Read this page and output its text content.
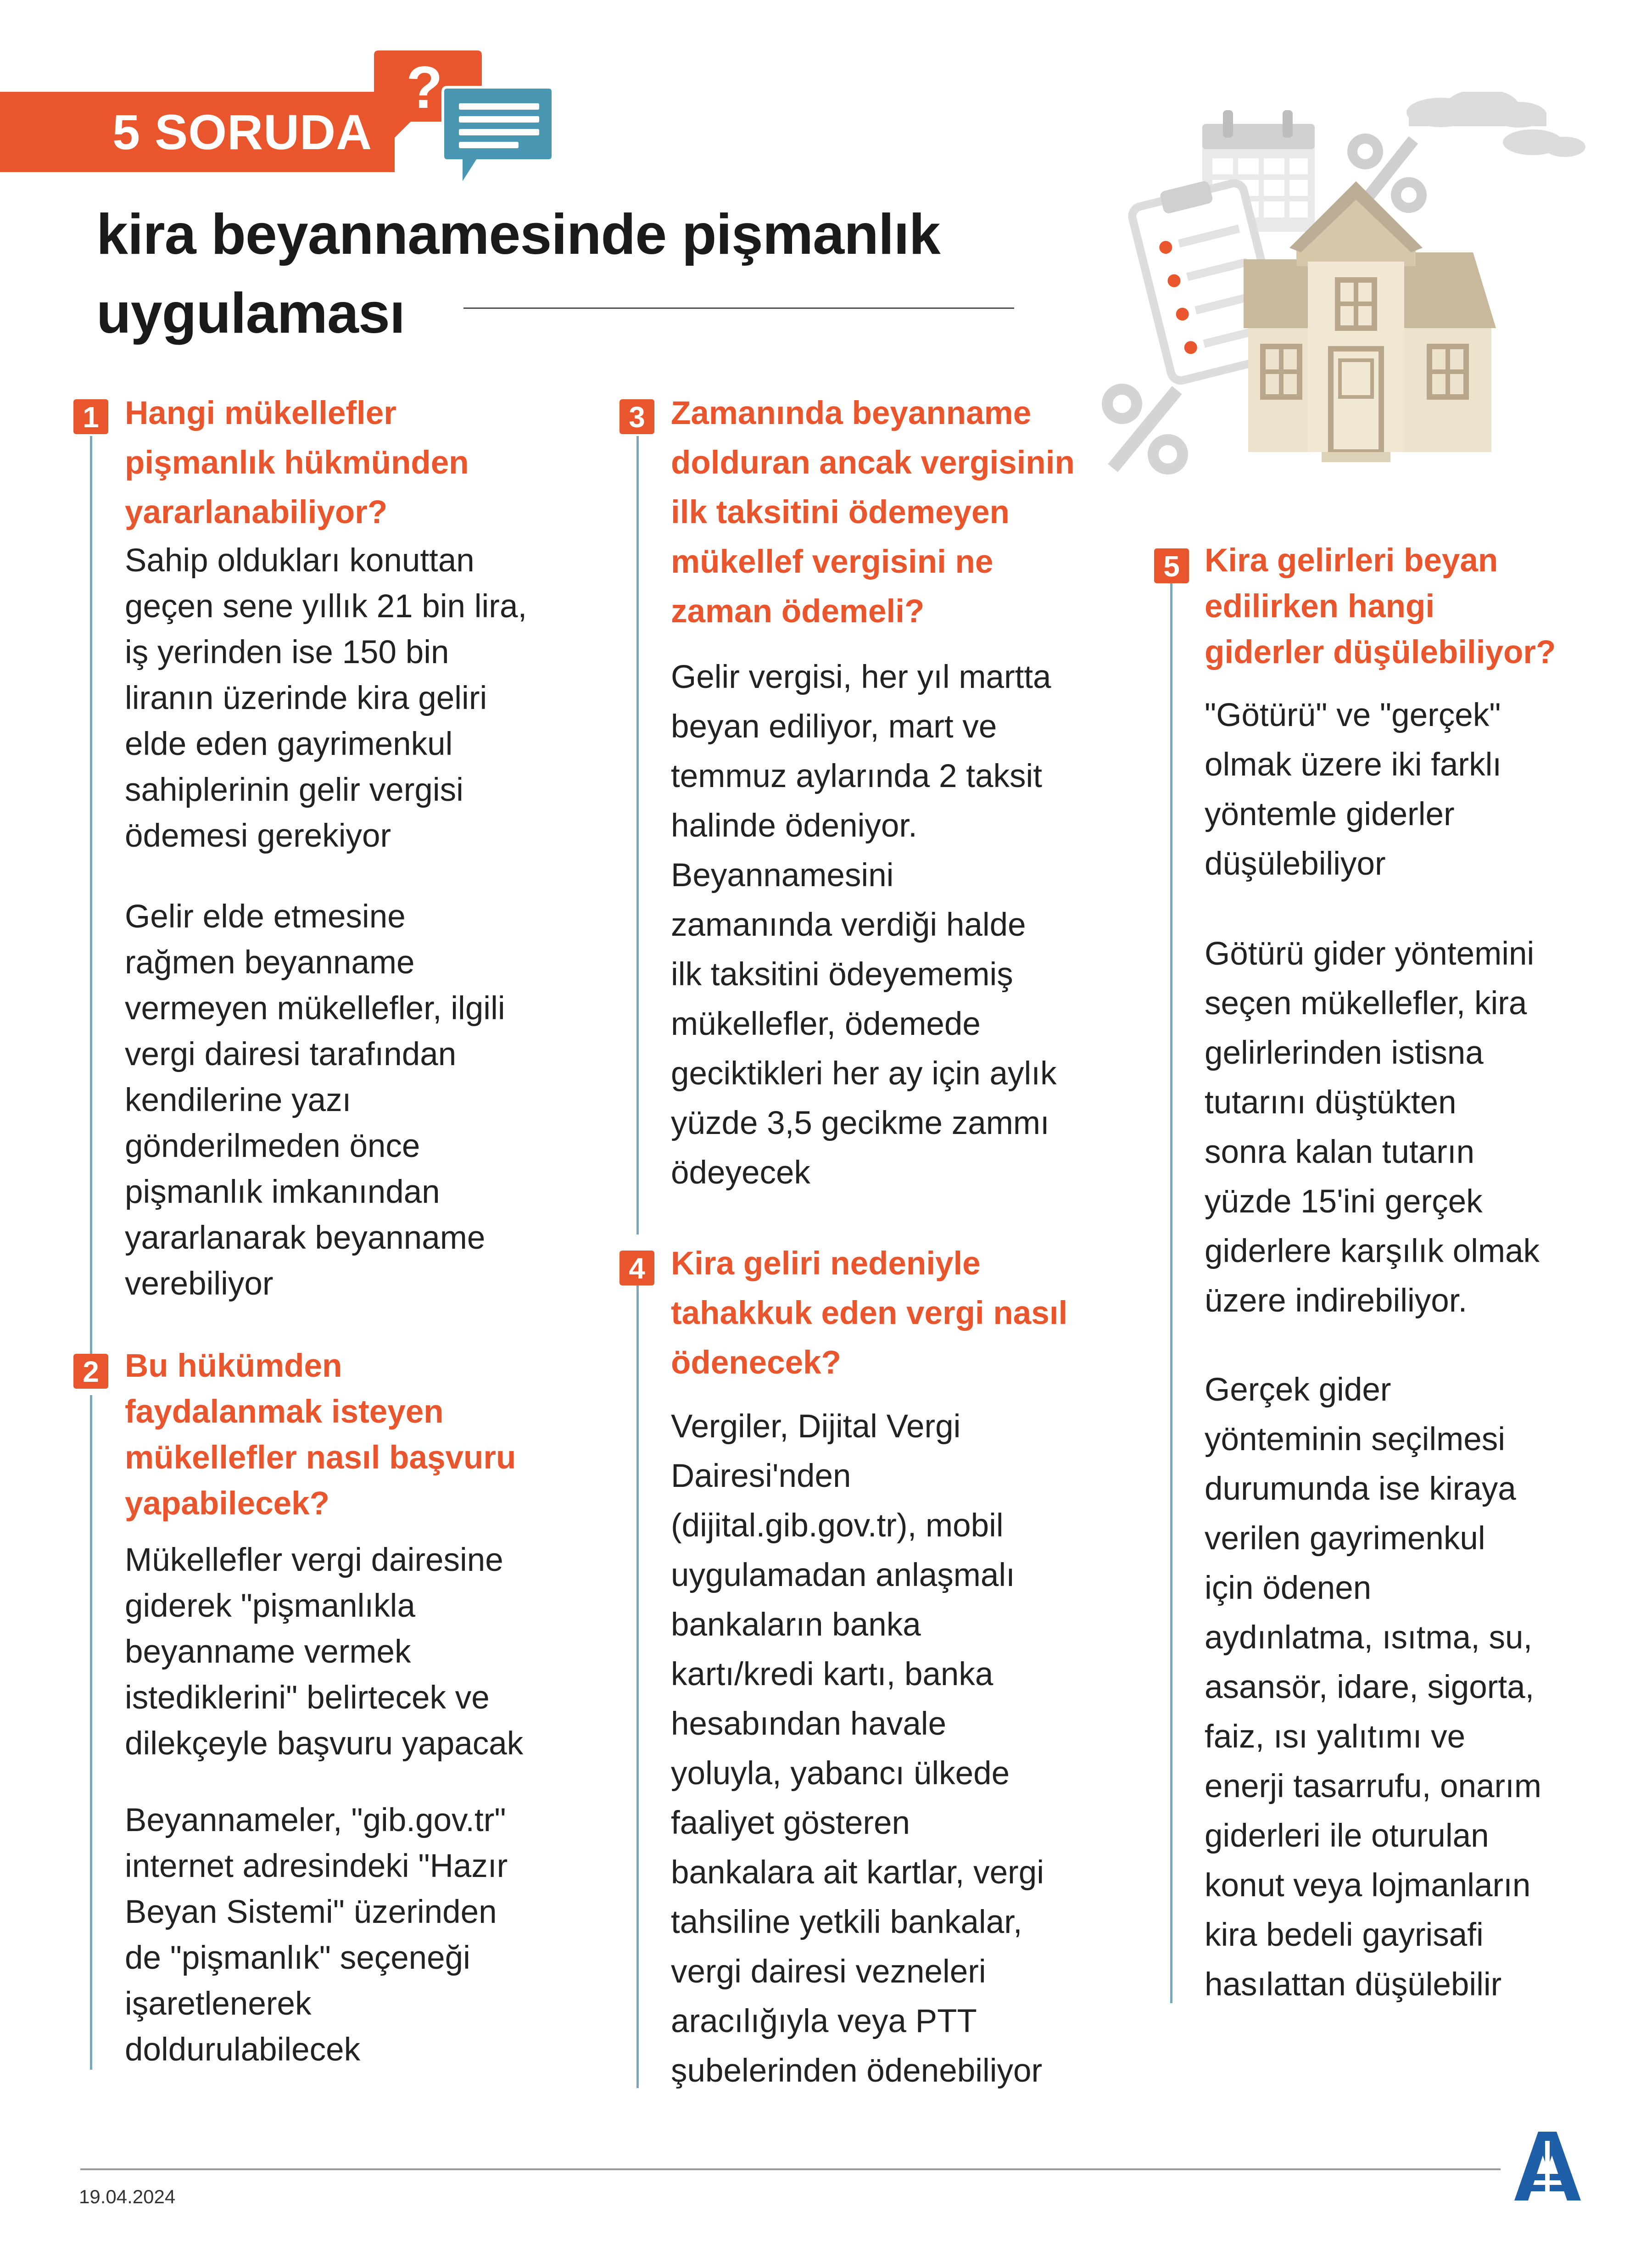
5 SORUDA
?
kira beyannamesinde pişmanlık
uygulaması
1 Hangi mükellefler
pişmanlık hükmünden
yararlanabiliyor?
Sahip oldukları konuttan
geçen sene yıllık 21 bin lira,
iş yerinden ise 150 bin
liranın üzerinde kira geliri
elde eden gayrimenkul
sahiplerinin gelir vergisi
ödemesi gerekiyor
Gelir elde etmesine
rağmen beyanname
vermeyen mükellefler, ilgili
vergi dairesi tarafından
kendilerine yazı
gönderilmeden önce
pişmanlık imkanından
yararlanarak beyanname
verebiliyor
2 Bu hükümden
faydalanmak isteyen
mükellefler nasıl başvuru
yapabilecek?
Mükellefler vergi dairesine
giderek "pişmanlıkla
beyanname vermek
istediklerini" belirtecek ve
dilekçeyle başvuru yapacak
Beyannameler, "gib.gov.tr"
internet adresindeki "Hazır
Beyan Sistemi" üzerinden
de "pişmanlık" seçeneği
işaretlenerek
doldurulabilecek
3 Zamanında beyanname
dolduran ancak vergisinin
ilk taksitini ödemeyen
mükellef vergisini ne
zaman ödemeli?
Gelir vergisi, her yıl martta
beyan ediliyor, mart ve
temmuz aylarında 2 taksit
halinde ödeniyor.
Beyannamesini
zamanında verdiği halde
ilk taksitini ödeyememiş
mükellefler, ödemede
geciktikleri her ay için aylık
yüzde 3,5 gecikme zammı
ödeyecek
4 Kira geliri nedeniyle
tahakkuk eden vergi nasıl
ödenecek?
Vergiler, Dijital Vergi
Dairesi'nden
(dijital.gib.gov.tr), mobil
uygulamadan anlaşmalı
bankaların banka
kartı/kredi kartı, banka
hesabından havale
yoluyla, yabancı ülkede
faaliyet gösteren
bankalara ait kartlar, vergi
tahsiline yetkili bankalar,
vergi dairesi vezneleri
aracılığıyla veya PTT
şubelerinden ödenebiliyor
5 Kira gelirleri beyan
edilirken hangi
giderler düşülebiliyor?
"Götürü" ve "gerçek"
olmak üzere iki farklı
yöntemle giderler
düşülebiliyor
Götürü gider yöntemini
seçen mükellefler, kira
gelirlerinden istisna
tutarını düştükten
sonra kalan tutarın
yüzde 15'ini gerçek
giderlere karşılık olmak
üzere indirebiliyor.
Gerçek gider
yönteminin seçilmesi
durumunda ise kiraya
verilen gayrimenkul
için ödenen
aydınlatma, ısıtma, su,
asansör, idare, sigorta,
faiz, ısı yalıtımı ve
enerji tasarrufu, onarım
giderleri ile oturulan
konut veya lojmanların
kira bedeli gayrisafi
hasılattan düşülebilir
19.04.2024
